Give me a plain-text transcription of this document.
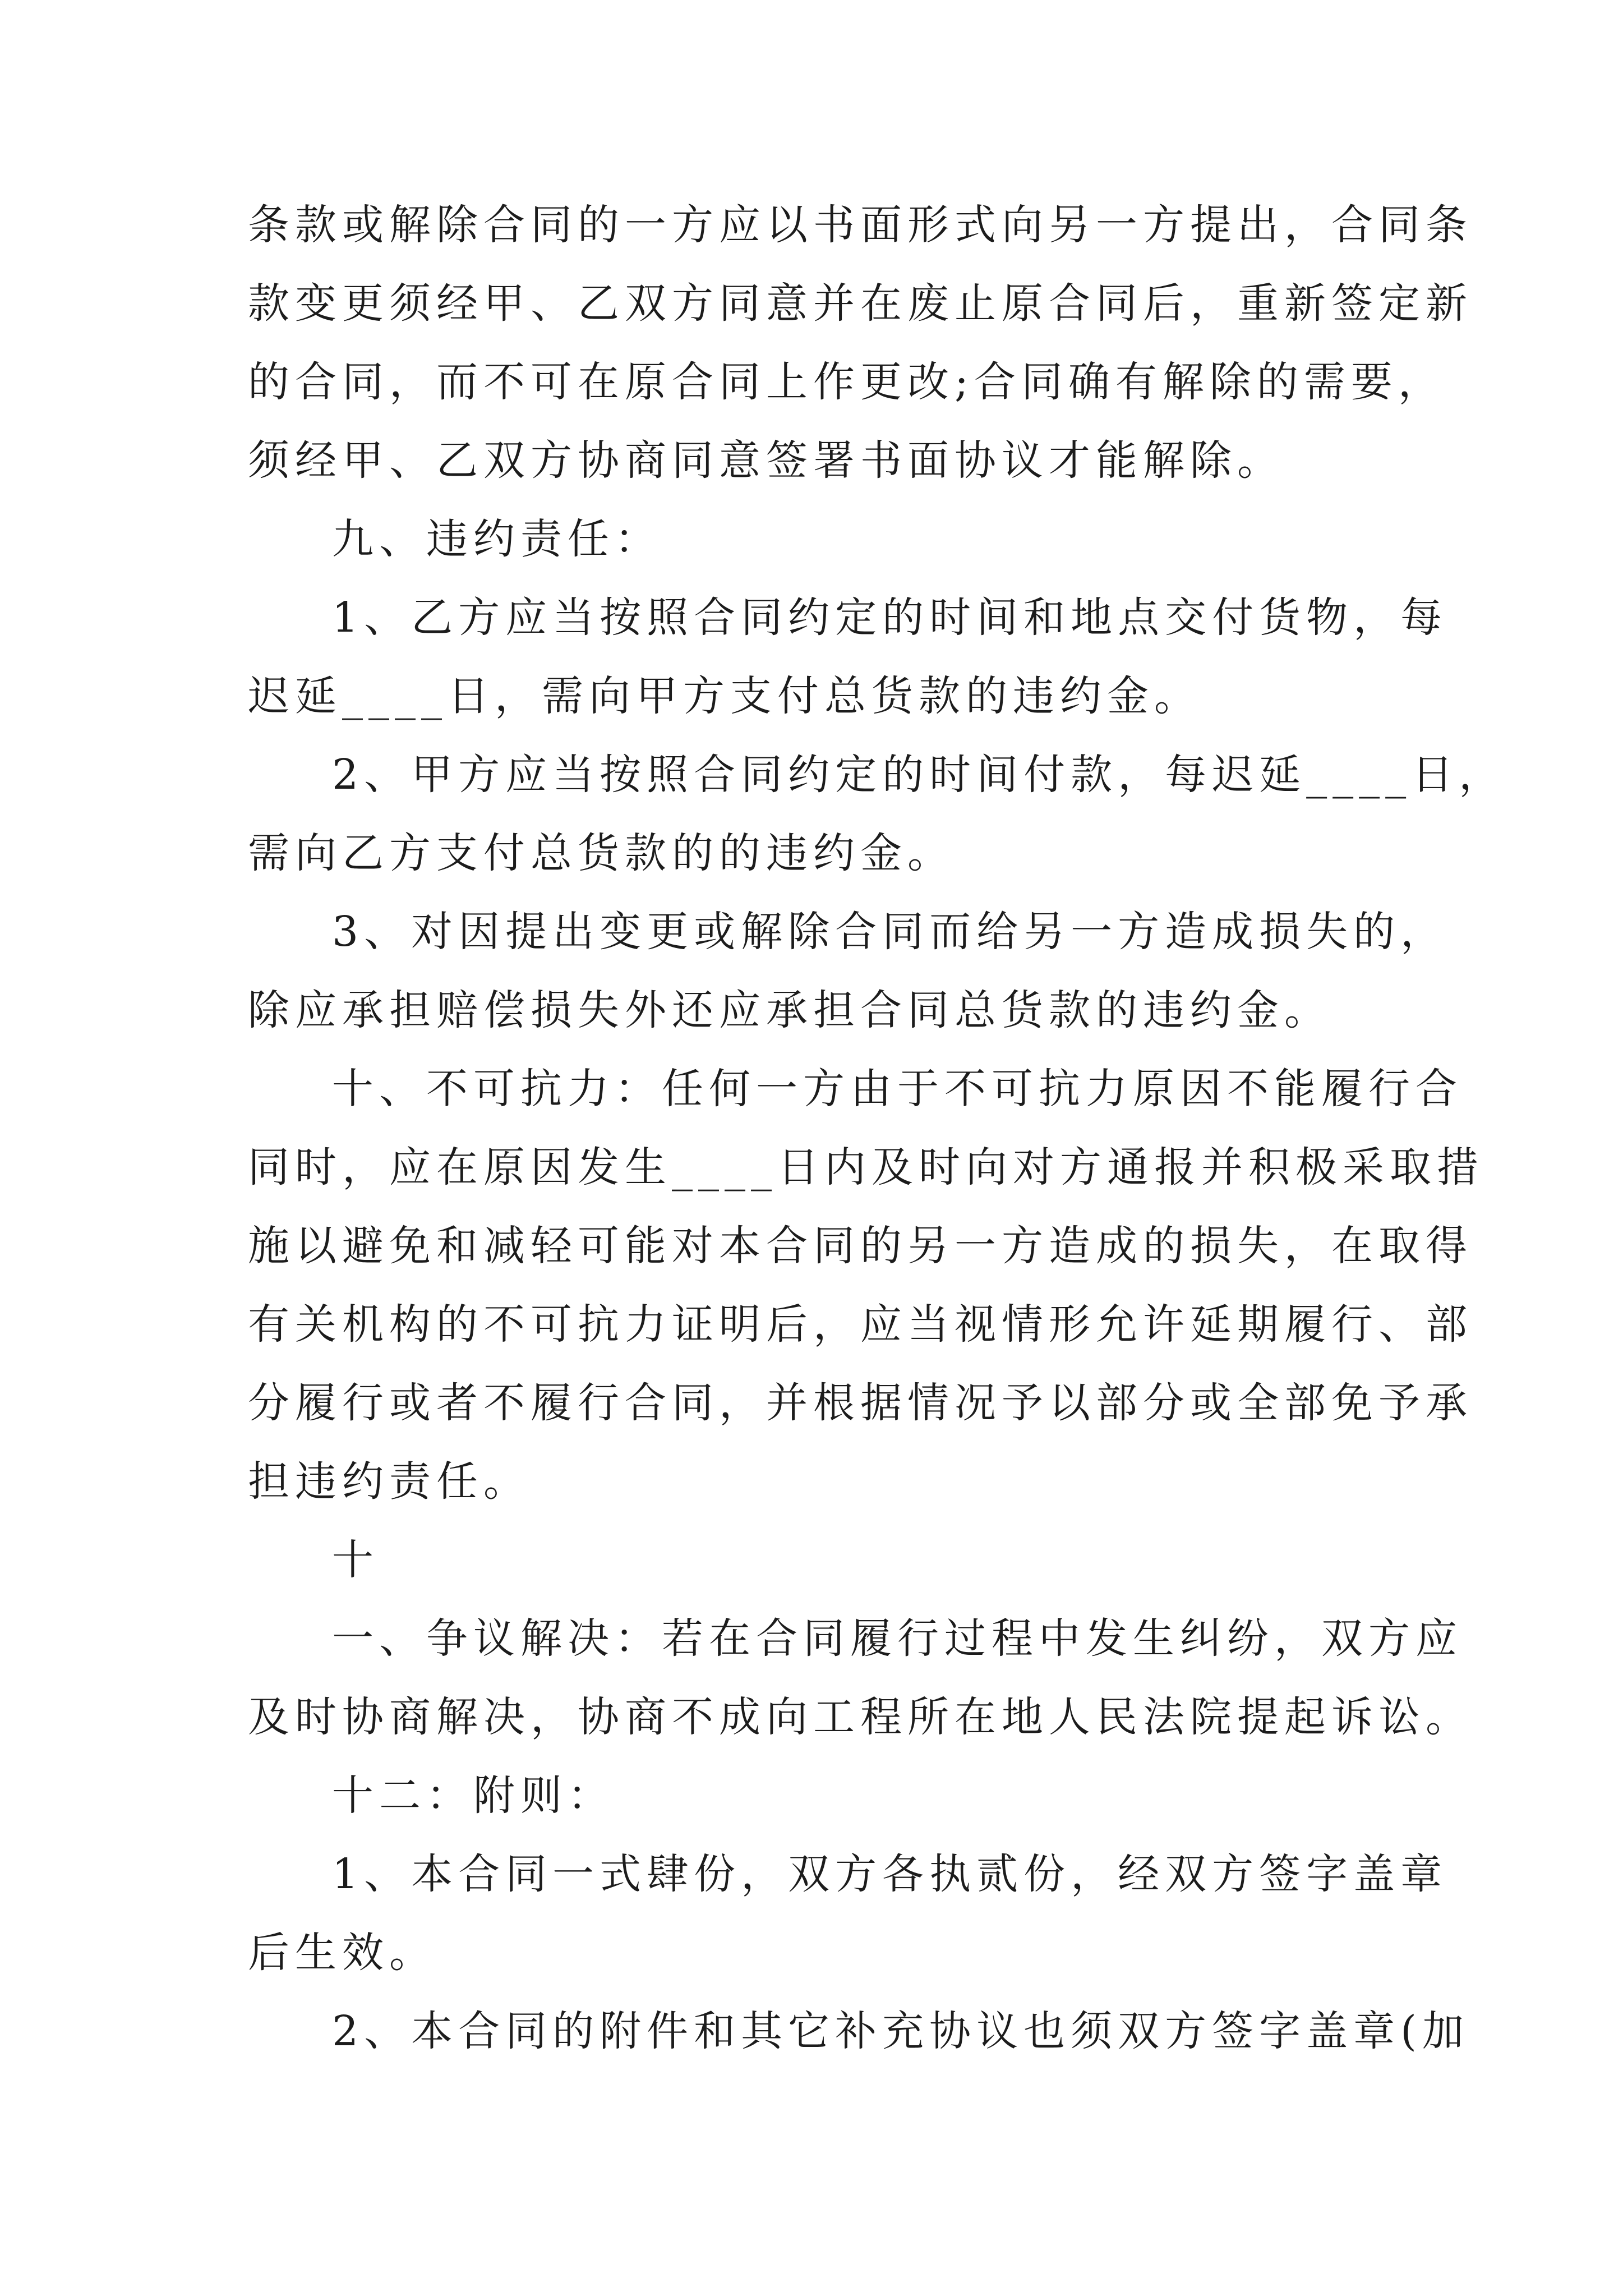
条款或解除合同的一方应以书面形式向另一方提出，合同条
款变更须经甲、乙双方同意并在废止原合同后，重新签定新
的合同，而不可在原合同上作更改;合同确有解除的需要，
须经甲、乙双方协商同意签署书面协议才能解除。
九、违约责任：
1、乙方应当按照合同约定的时间和地点交付货物，每
迟延____日，需向甲方支付总货款的违约金。
2、甲方应当按照合同约定的时间付款，每迟延____日，
需向乙方支付总货款的的违约金。
3、对因提出变更或解除合同而给另一方造成损失的，
除应承担赔偿损失外还应承担合同总货款的违约金。
十、不可抗力：任何一方由于不可抗力原因不能履行合
同时，应在原因发生____日内及时向对方通报并积极采取措
施以避免和减轻可能对本合同的另一方造成的损失，在取得
有关机构的不可抗力证明后，应当视情形允许延期履行、部
分履行或者不履行合同，并根据情况予以部分或全部免予承
担违约责任。
十
一、争议解决：若在合同履行过程中发生纠纷，双方应
及时协商解决，协商不成向工程所在地人民法院提起诉讼。
十二：附则：
1、本合同一式肆份，双方各执贰份，经双方签字盖章
后生效。
2、本合同的附件和其它补充协议也须双方签字盖章(加
